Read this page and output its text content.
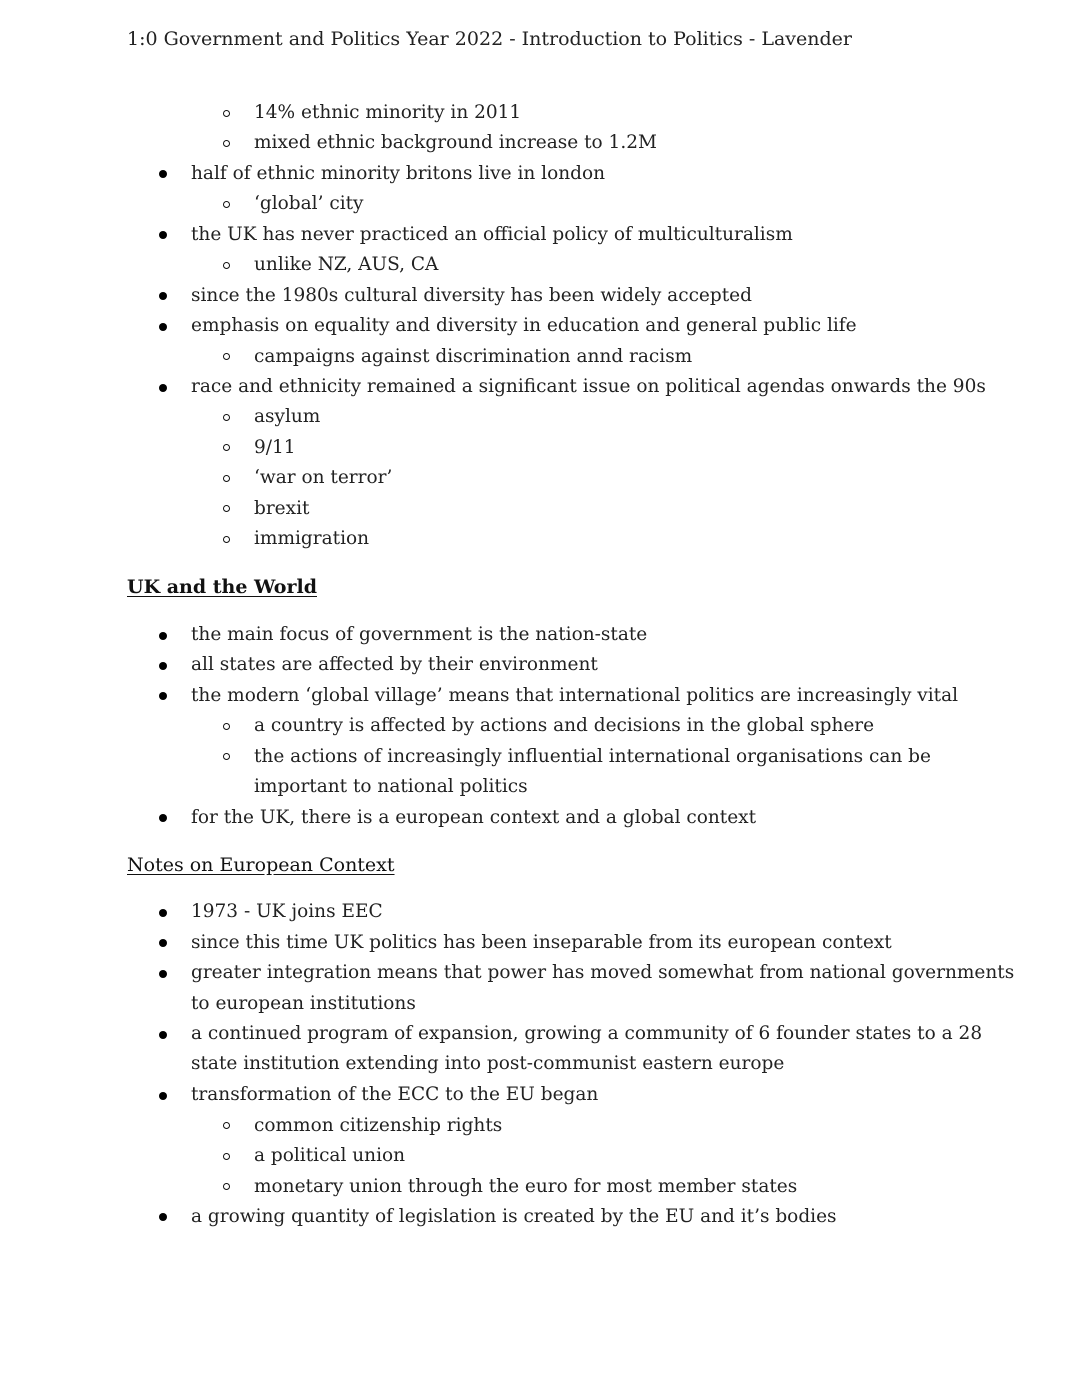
1:0 Government and Politics Year 2022 - Introduction to Politics - Lavender
14% ethnic minority in 2011
mixed ethnic background increase to 1.2M
half of ethnic minority britons live in london
‘global’ city
the UK has never practiced an official policy of multiculturalism
unlike NZ, AUS, CA
since the 1980s cultural diversity has been widely accepted
emphasis on equality and diversity in education and general public life
campaigns against discrimination annd racism
race and ethnicity remained a significant issue on political agendas onwards the 90s
asylum
9/11
‘war on terror’
brexit
immigration
UK and the World
the main focus of government is the nation-state
all states are affected by their environment
the modern ‘global village’ means that international politics are increasingly vital
a country is affected by actions and decisions in the global sphere
the actions of increasingly influential international organisations can be
important to national politics
for the UK, there is a european context and a global context
Notes on European Context
1973 - UK joins EEC
since this time UK politics has been inseparable from its european context
greater integration means that power has moved somewhat from national governments
to european institutions
a continued program of expansion, growing a community of 6 founder states to a 28
state institution extending into post-communist eastern europe
transformation of the ECC to the EU began
common citizenship rights
a political union
monetary union through the euro for most member states
a growing quantity of legislation is created by the EU and it’s bodies
